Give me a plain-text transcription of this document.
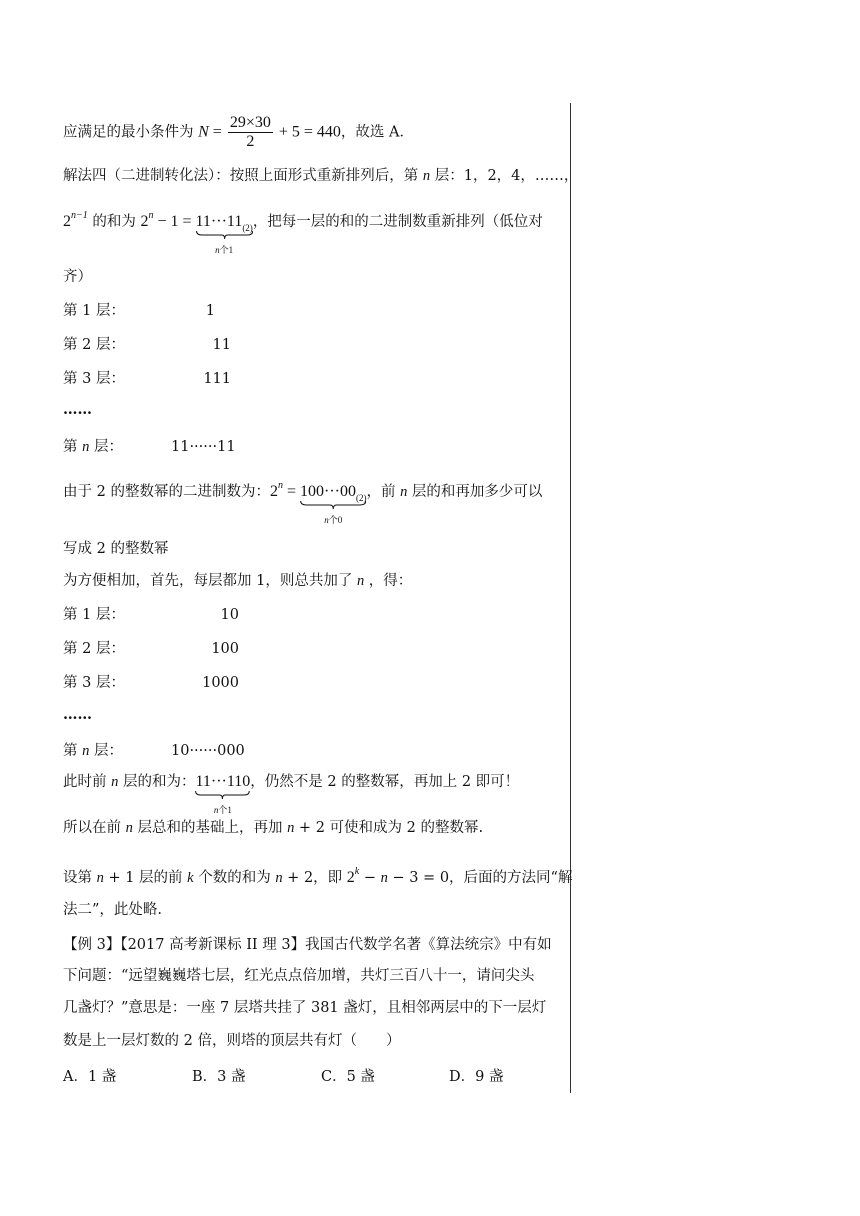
应满足的最小条件为 $N = \frac{29\times 30}{2} + 5 = 440$，故选 A．
解法四（二进制转化法）：按照上面形式重新排列后，第 n 层：1，2，4，……，
$2^{n-1}$ 的和为 $2^n - 1 = 11\cdot\cdot\cdot 11_{(2)}$
n个1
，把每一层的和的二进制数重新排列（低位对
齐）
第 1 层：	1
第 2 层：	11
第 3 层：	111
……
第 n 层：	11······11
由于 2 的整数幂的二进制数为：$2^n = 100\cdot\cdot\cdot 00_{(2)}$
n个0
，前 n 层的和再加多少可以
写成 2 的整数幂
为方便相加，首先，每层都加 1，则总共加了 n ，得：
第 1 层：	10
第 2 层：	100
第 3 层：	1000
……
第 n 层：	10······000
此时前 n 层的和为：11···110
n个1
，仍然不是 2 的整数幂，再加上 2 即可！
所以在前 n 层总和的基础上，再加 n + 2 可使和成为 2 的整数幂.
设第 n + 1 层的前 k 个数的和为 n + 2，即 $2^k - n - 3 = 0$，后面的方法同“解
法二”，此处略.
【例 3】【2017 高考新课标 II 理 3】我国古代数学名著《算法统宗》中有如
下问题：“远望巍巍塔七层，红光点点倍加增，共灯三百八十一，请问尖头
几盏灯？”意思是：一座 7 层塔共挂了 381 盏灯，且相邻两层中的下一层灯
数是上一层灯数的 2 倍，则塔的顶层共有灯（　　）
A．1 盏	B．3 盏	C．5 盏	D．9 盏
